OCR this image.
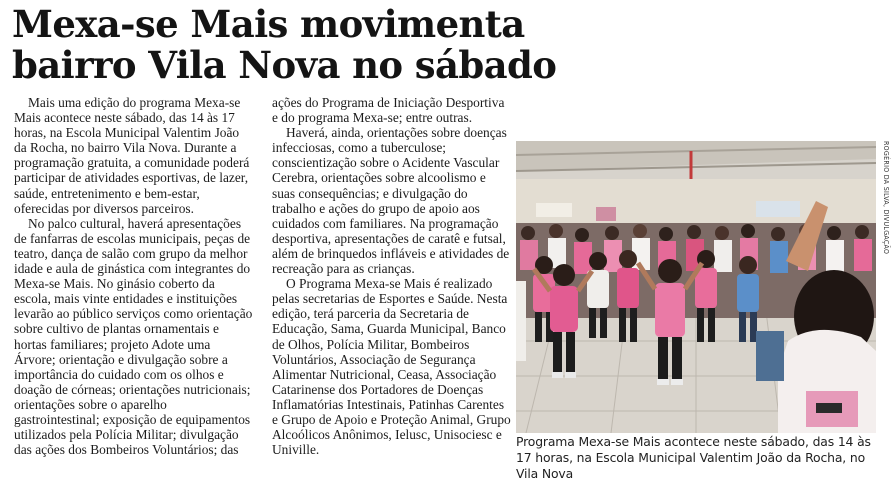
Mexa-se Mais movimenta bairro Vila Nova no sábado

Mais uma edição do programa Mexa-se Mais acontece neste sábado, das 14 às 17 horas, na Escola Municipal Valentim João da Rocha, no bairro Vila Nova. Durante a programação gratuita, a comunidade poderá participar de atividades esportivas, de lazer, saúde, entretenimento e bem-estar, oferecidas por diversos parceiros.

No palco cultural, haverá apresentações de fanfarras de escolas municipais, peças de teatro, dança de salão com grupo da melhor idade e aula de ginástica com integrantes do Mexa-se Mais. No ginásio coberto da escola, mais vinte entidades e instituições levarão ao público serviços como orientação sobre cultivo de plantas ornamentais e hortas familiares; projeto Adote uma Árvore; orientação e divulgação sobre a importância do cuidado com os olhos e doação de córneas; orientações nutricionais; orientações sobre o aparelho gastrointestinal; exposição de equipamentos utilizados pela Polícia Militar; divulgação das ações dos Bombeiros Voluntários; das

ações do Programa de Iniciação Desportiva e do programa Mexa-se; entre outras.

Haverá, ainda, orientações sobre doenças infecciosas, como a tuberculose; conscientização sobre o Acidente Vascular Cerebra, orientações sobre alcoolismo e suas consequências; e divulgação do trabalho e ações do grupo de apoio aos cuidados com familiares. Na programação desportiva, apresentações de caratê e futsal, além de brinquedos infláveis e atividades de recreação para as crianças.

O Programa Mexa-se Mais é realizado pelas secretarias de Esportes e Saúde. Nesta edição, terá parceria da Secretaria de Educação, Sama, Guarda Municipal, Banco de Olhos, Polícia Militar, Bombeiros Voluntários, Associação de Segurança Alimentar Nutricional, Ceasa, Associação Catarinense dos Portadores de Doenças Inflamatórias Intestinais, Patinhas Carentes e Grupo de Apoio e Proteção Animal, Grupo Alcoólicos Anônimos, Ielusc, Unisociesc e Univille.

ROGÉRIO DA SILVA, DIVULGAÇÃO
Programa Mexa-se Mais acontece neste sábado, das 14 às 17 horas, na Escola Municipal Valentim João da Rocha, no Vila Nova
